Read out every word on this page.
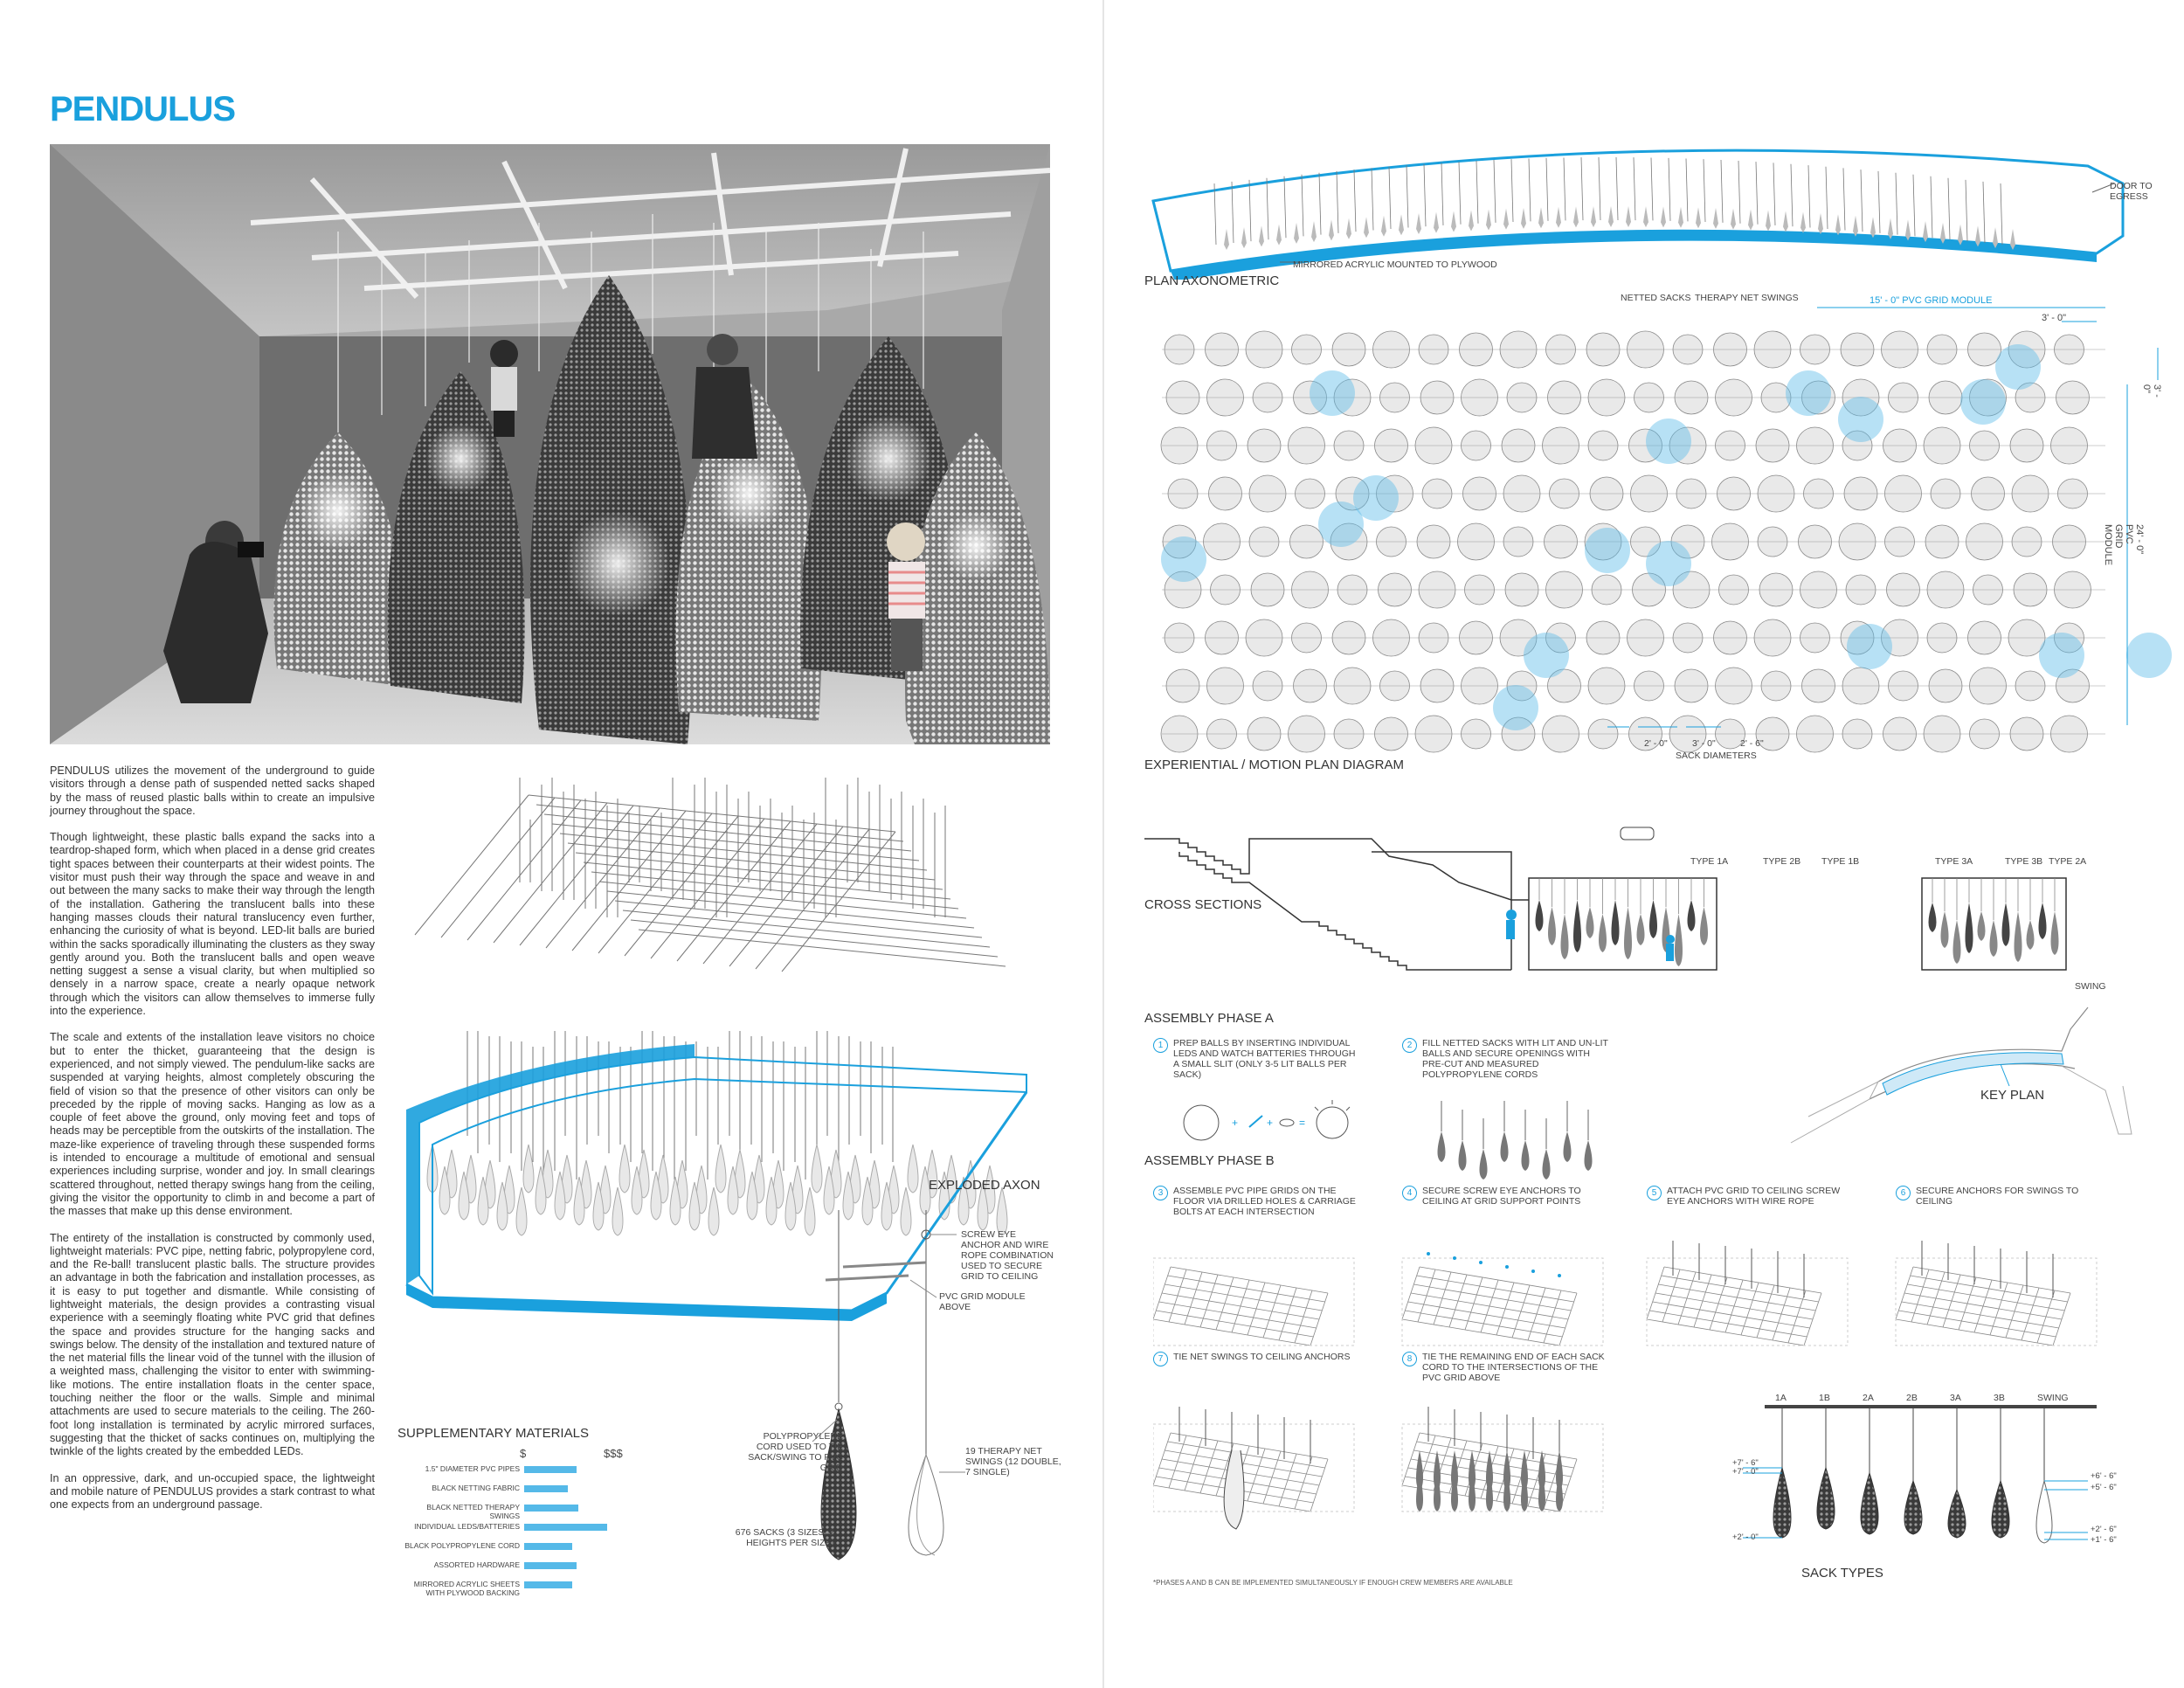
PENDULUS

PENDULUS utilizes the movement of the underground to guide visitors through a dense path of suspended netted sacks shaped by the mass of reused plastic balls within to create an impulsive journey throughout the space.

Though lightweight, these plastic balls expand the sacks into a teardrop-shaped form, which when placed in a dense grid creates tight spaces between their counterparts at their widest points. The visitor must push their way through the space and weave in and out between the many sacks to make their way through the length of the installation. Gathering the translucent balls into these hanging masses clouds their natural translucency even further, enhancing the curiosity of what is beyond. LED-lit balls are buried within the sacks sporadically illuminating the clusters as they sway gently around you. Both the translucent balls and open weave netting suggest a sense a visual clarity, but when multiplied so densely in a narrow space, create a nearly opaque network through which the visitors can allow themselves to immerse fully into the experience.

The scale and extents of the installation leave visitors no choice but to enter the thicket, guaranteeing that the design is experienced, and not simply viewed. The pendulum-like sacks are suspended at varying heights, almost completely obscuring the field of vision so that the presence of other visitors can only be preceded by the ripple of moving sacks. Hanging as low as a couple of feet above the ground, only moving feet and tops of heads may be perceptible from the outskirts of the installation. The maze-like experience of traveling through these suspended forms is intended to encourage a multitude of emotional and sensual experiences including surprise, wonder and joy. In small clearings scattered throughout, netted therapy swings hang from the ceiling, giving the visitor the opportunity to climb in and become a part of the masses that make up this dense environment.

The entirety of the installation is constructed by commonly used, lightweight materials: PVC pipe, netting fabric, polypropylene cord, and the Re-ball! translucent plastic balls. The structure provides an advantage in both the fabrication and installation processes, as it is easy to put together and dismantle. While consisting of lightweight materials, the design provides a contrasting visual experience with a seemingly floating white PVC grid that defines the space and provides structure for the hanging sacks and swings below. The density of the installation and textured nature of the net material fills the linear void of the tunnel with the illusion of a weighted mass, challenging the visitor to enter with swimming-like motions. The entire installation floats in the center space, touching neither the floor or the walls. Simple and minimal attachments are used to secure materials to the ceiling. The 260-foot long installation is terminated by acrylic mirrored surfaces, suggesting that the thicket of sacks continues on, multiplying the twinkle of the lights created by the embedded LEDs.

In an oppressive, dark, and un-occupied space, the lightweight and mobile nature of PENDULUS provides a stark contrast to what one expects from an underground passage.

EXPLODED AXON
SUPPLEMENTARY MATERIALS
$	$$$
1.5" DIAMETER PVC PIPES
BLACK NETTING FABRIC
BLACK NETTED THERAPY SWINGS
INDIVIDUAL LEDS/BATTERIES
BLACK POLYPROPYLENE CORD
ASSORTED HARDWARE
MIRRORED ACRYLIC SHEETS WITH PLYWOOD BACKING
SCREW EYE ANCHOR AND WIRE ROPE COMBINATION USED TO SECURE GRID TO CEILING
PVC GRID MODULE ABOVE
POLYPROPYLENE CORD USED TO TIE SACK/SWING TO PVC GRID
19 THERAPY NET SWINGS (12 DOUBLE, 7 SINGLE)
676 SACKS (3 SIZES, 2 HEIGHTS PER SIZE)
MIRRORED ACRYLIC MOUNTED TO PLYWOOD
DOOR TO EGRESS
PLAN AXONOMETRIC
NETTED SACKS THERAPY NET SWINGS	15' - 0" PVC GRID MODULE
3' - 0"
3' - 0"
24' - 0" PVC GRID MODULE
2' - 0"	3' - 0"	2' - 6"
SACK DIAMETERS
EXPERIENTIAL / MOTION PLAN DIAGRAM
CROSS SECTIONS
TYPE 1A	TYPE 2B TYPE 1B	TYPE 3A	TYPE 3B TYPE 2A
SWING
ASSEMBLY PHASE A
1	PREP BALLS BY INSERTING INDIVIDUAL LEDS AND WATCH BATTERIES THROUGH A SMALL SLIT (ONLY 3-5 LIT BALLS PER SACK)
2	FILL NETTED SACKS WITH LIT AND UN-LIT BALLS AND SECURE OPENINGS WITH PRE-CUT AND MEASURED POLYPROPYLENE CORDS
+	+ =
KEY PLAN
ASSEMBLY PHASE B
3	ASSEMBLE PVC PIPE GRIDS ON THE FLOOR VIA DRILLED HOLES & CARRIAGE BOLTS AT EACH INTERSECTION
4	SECURE SCREW EYE ANCHORS TO CEILING AT GRID SUPPORT POINTS
5	ATTACH PVC GRID TO CEILING SCREW EYE ANCHORS WITH WIRE ROPE
6	SECURE ANCHORS FOR SWINGS TO CEILING
7	TIE NET SWINGS TO CEILING ANCHORS	8	TIE THE REMAINING END OF EACH SACK CORD TO THE INTERSECTIONS OF THE PVC GRID ABOVE
*PHASES A AND B CAN BE IMPLEMENTED SIMULTANEOUSLY IF ENOUGH CREW MEMBERS ARE AVAILABLE
1A	1B	2A	2B	3A	3B	SWING
+7' - 6"
+7' - 0"
+2' - 0"
+6' - 6"
+5' - 6"
+2' - 6"
+1' - 6"
SACK TYPES
